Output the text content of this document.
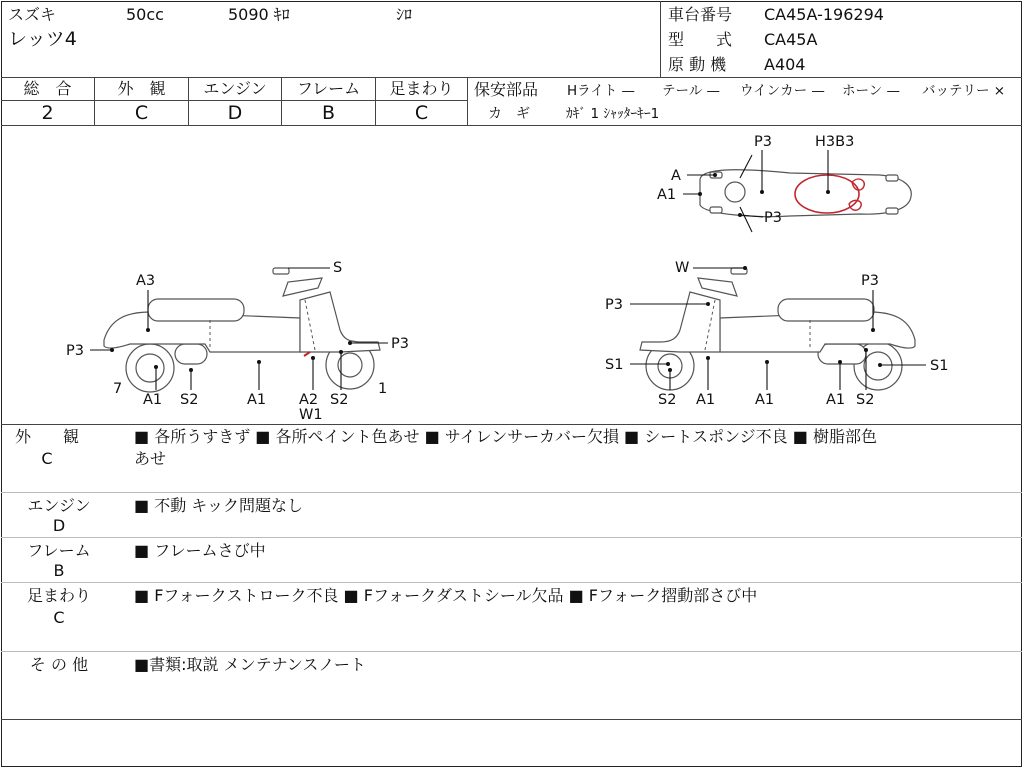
スズキ	50cc	5090 ｷﾛ	ｼﾛ
レッツ4
車台番号 CA45A-196294
型　　式 CA45A
原 動 機 A404
総　合	外　観	エンジン	フレーム	足まわり
2	C	D	B	C
保安部品 Hライト — テール — ウインカー — ホーン — バッテリー ×
カ　ギ	ｶｷﾞ 1 ｼｬｯﾀｰｷｰ1
A
A1
P3	H3B3
P3
S
A3
P3	P3
7
A1 S2	A1 A2
W1
S2
1
W
P3
P3
S1	S1
S2 A1	A1	A1 S2
外　　観
C
■ 各所うすきず ■ 各所ペイント色あせ ■ サイレンサーカバー欠損 ■ シートスポンジ不良 ■ 樹脂部色
あせ
エンジン
D
■ 不動 キック問題なし
フレーム
B
■ フレームさび中
足まわり
C
■ Fフォークストローク不良 ■ Fフォークダストシール欠品 ■ Fフォーク摺動部さび中
そ の 他	■書類:取説 メンテナンスノート
